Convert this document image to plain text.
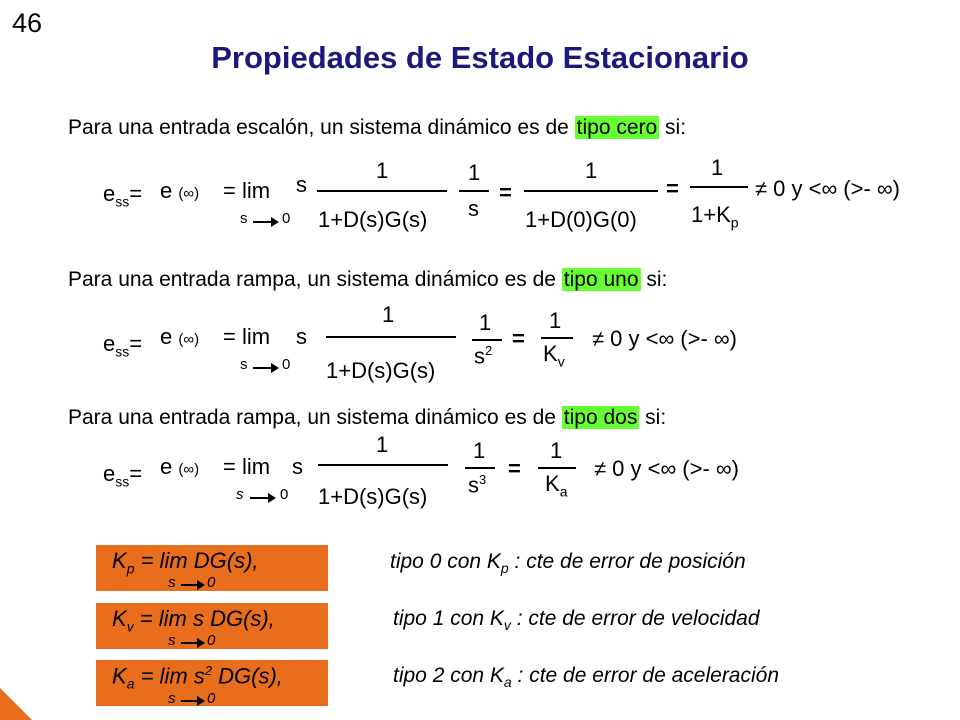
46
Propiedades de Estado Estacionario
Para una entrada escalón, un sistema dinámico es de tipo cero si:
$e_{ss}= e$ (∞) = lim s
s 0
1
1+D(s)G(s)
1
s
=
1
1+D(0)G(0)
=
1
$1+K_p$
≠ 0 y <∞ (>- ∞)
Para una entrada rampa, un sistema dinámico es de tipo uno si:
$e_{ss}= e$ (∞) = lim s
s 0
1
1+D(s)G(s)
1
$s^2$ =
1
$K_v$
≠ 0 y <∞ (>- ∞)
Para una entrada rampa, un sistema dinámico es de tipo dos si:
$e_{ss}= e$ (∞) = lim s
s 0
1
1+D(s)G(s)
1
$s^3$ =
1
$K_a$
≠ 0 y <∞ (>- ∞)
$K_p = \lim DG(s)$,
s 0
tipo 0 con $K_p$ : cte de error de posición
$K_v = \lim s$ DG(s),
s 0
tipo 1 con $K_v$ : cte de error de velocidad
$K_a = \lim s^2$ DG(s),
s 0
tipo 2 con $K_a$ : cte de error de aceleración
